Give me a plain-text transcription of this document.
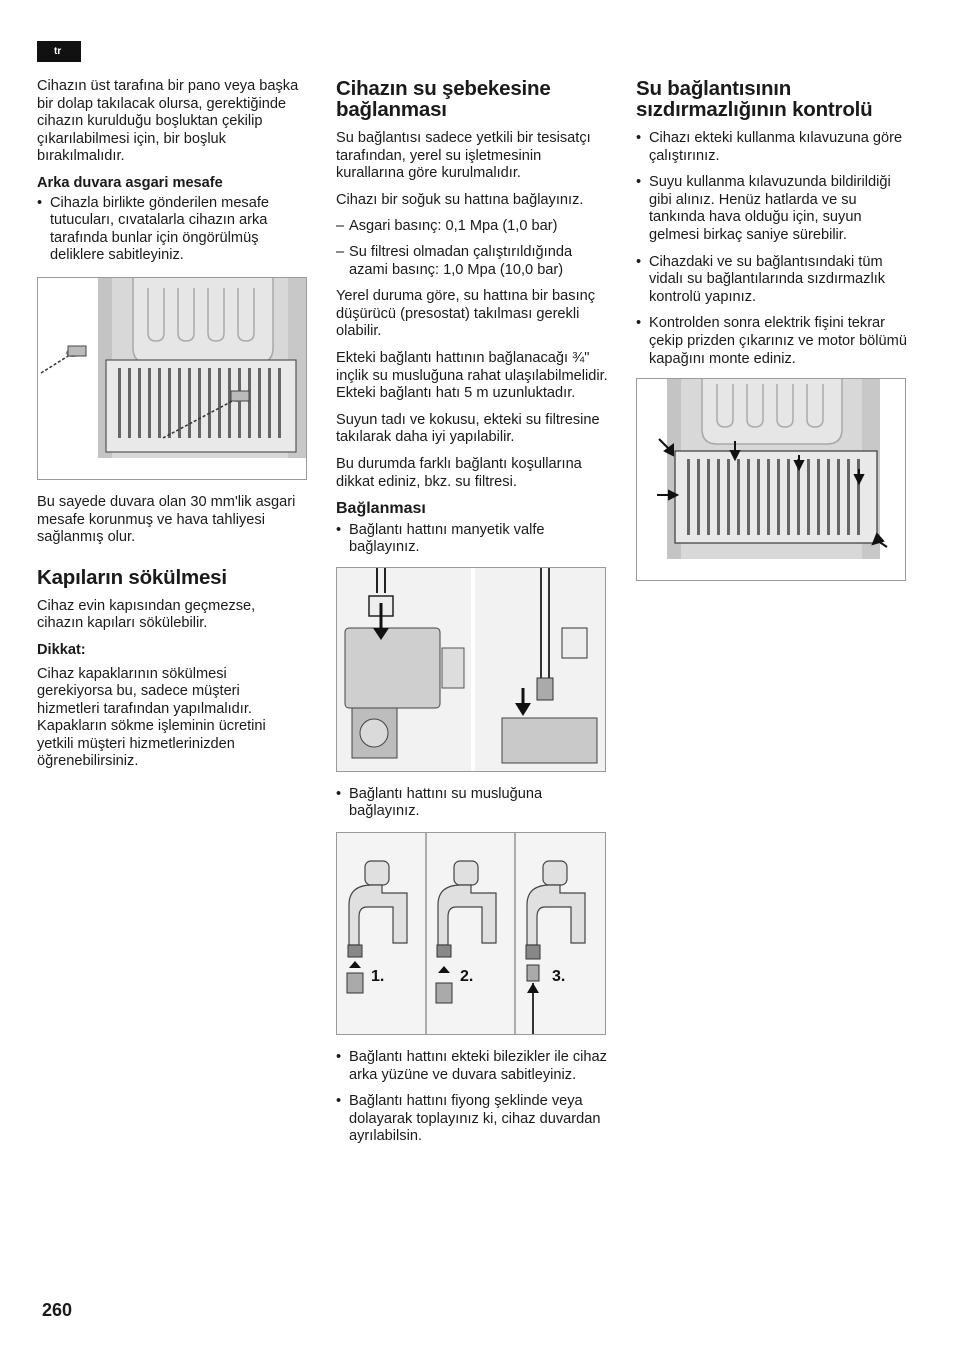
tr

Cihazın üst tarafına bir pano veya başka bir dolap takılacak olursa, gerektiğinde cihazın kurulduğu boşluktan çekilip çıkarılabilmesi için, bir boşluk bırakılmalıdır.

Arka duvara asgari mesafe

• Cihazla birlikte gönderilen mesafe tutucuları, cıvatalarla cihazın arka tarafında bunlar için öngörülmüş deliklere sabitleyiniz.

Bu sayede duvara olan 30 mm'lik asgari mesafe korunmuş ve hava tahliyesi sağlanmış olur.

Kapıların sökülmesi

Cihaz evin kapısından geçmezse, cihazın kapıları sökülebilir.

Dikkat:

Cihaz kapaklarının sökülmesi gerekiyorsa bu, sadece müşteri hizmetleri tarafından yapılmalıdır. Kapakların sökme işleminin ücretini yetkili müşteri hizmetlerinizden öğrenebilirsiniz.

Cihazın su şebekesine bağlanması

Su bağlantısı sadece yetkili bir tesisatçı tarafından, yerel su işletmesinin kurallarına göre kurulmalıdır.

Cihazı bir soğuk su hattına bağlayınız.

– Asgari basınç: 0,1 Mpa (1,0 bar)
– Su filtresi olmadan çalıştırıldığında azami basınç: 1,0 Mpa (10,0 bar)

Yerel duruma göre, su hattına bir basınç düşürücü (presostat) takılması gerekli olabilir.

Ekteki bağlantı hattının bağlanacağı ¾" inçlik su musluğuna rahat ulaşılabilmelidir. Ekteki bağlantı hatı 5 m uzunluktadır.

Suyun tadı ve kokusu, ekteki su filtresine takılarak daha iyi yapılabilir.

Bu durumda farklı bağlantı koşullarına dikkat ediniz, bkz. su filtresi.

Bağlanması
• Bağlantı hattını manyetik valfe bağlayınız.
• Bağlantı hattını su musluğuna bağlayınız.
1.	2.	3.
• Bağlantı hattını ekteki bilezikler ile cihaz arka yüzüne ve duvara sabitleyiniz.
• Bağlantı hattını fiyong şeklinde veya dolayarak toplayınız ki, cihaz duvardan ayrılabilsin.
Su bağlantısının sızdırmazlığının kontrolü
• Cihazı ekteki kullanma kılavuzuna göre çalıştırınız.
• Suyu kullanma kılavuzunda bildirildiği gibi alınız. Henüz hatlarda ve su tankında hava olduğu için, suyun gelmesi birkaç saniye sürebilir.
• Cihazdaki ve su bağlantısındaki tüm vidalı su bağlantılarında sızdırmazlık kontrolü yapınız.
• Kontrolden sonra elektrik fişini tekrar çekip prizden çıkarınız ve motor bölümü kapağını monte ediniz.
260
